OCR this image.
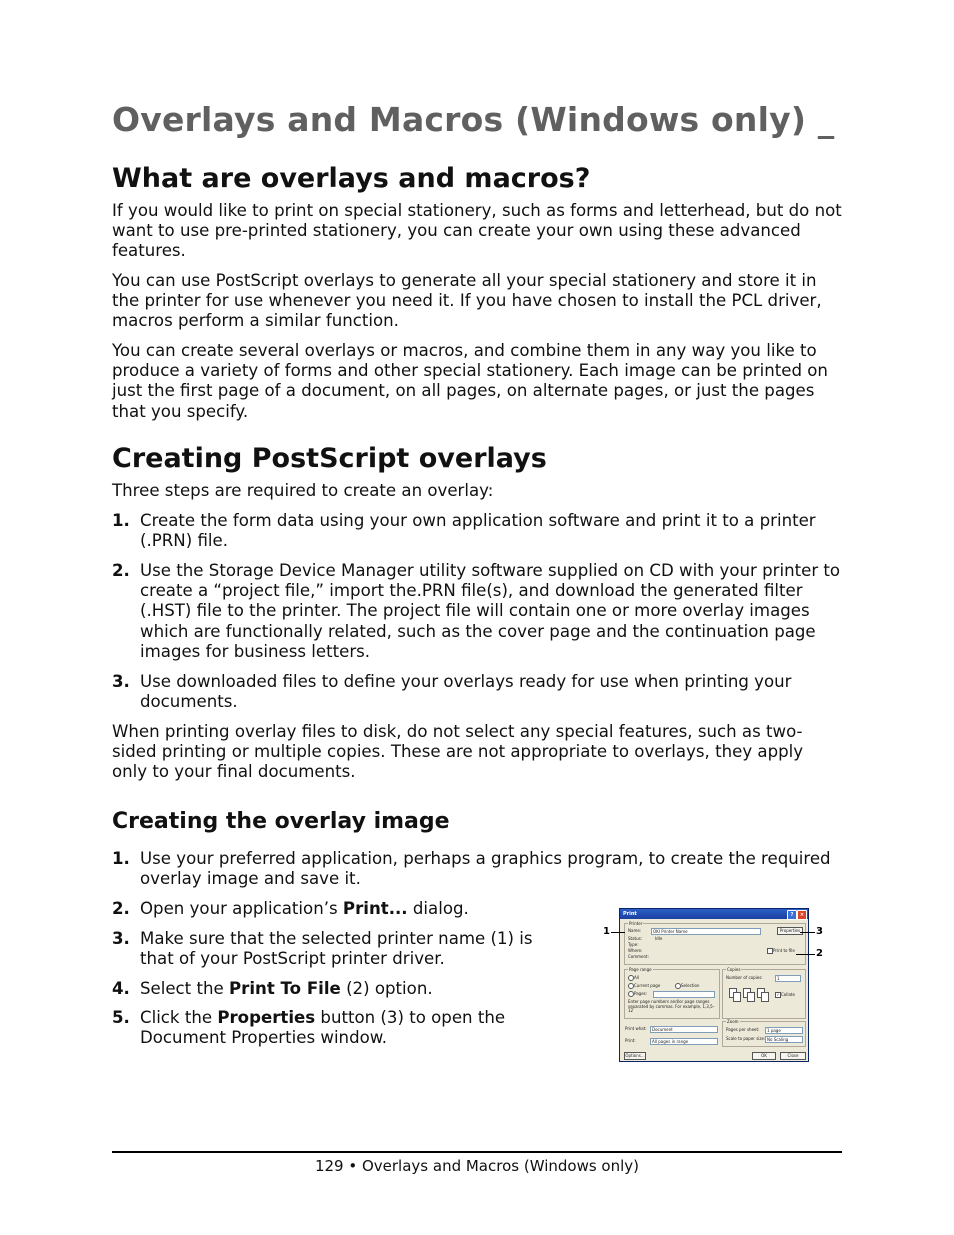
Overlays and Macros (Windows only) _
What are overlays and macros?

If you would like to print on special stationery, such as forms and letterhead, but do not want to use pre-printed stationery, you can create your own using these advanced features.

You can use PostScript overlays to generate all your special stationery and store it in the printer for use whenever you need it. If you have chosen to install the PCL driver, macros perform a similar function.

You can create several overlays or macros, and combine them in any way you like to produce a variety of forms and other special stationery. Each image can be printed on just the first page of a document, on all pages, on alternate pages, or just the pages that you specify.

Creating PostScript overlays

Three steps are required to create an overlay:

1. Create the form data using your own application software and print it to a printer (.PRN) file.
2. Use the Storage Device Manager utility software supplied on CD with your printer to create a “project file,” import the.PRN file(s), and download the generated filter (.HST) file to the printer. The project file will contain one or more overlay images which are functionally related, such as the cover page and the continuation page images for business letters.
3. Use downloaded files to define your overlays ready for use when printing your documents.

When printing overlay files to disk, do not select any special features, such as two-sided printing or multiple copies. These are not appropriate to overlays, they apply only to your final documents.

Creating the overlay image
1. Use your preferred application, perhaps a graphics program, to create the required overlay image and save it.
2. Open your application’s Print... dialog.
3. Make sure that the selected printer name (1) is that of your PostScript printer driver.
4. Select the Print To File (2) option.
5. Click the Properties button (3) to open the Document Properties window.
Print	?	×
Printer
Name:	OKI Printer Name	Properties
Status:	Idle
Type:
Where:
Comment:
Print to file
Page range
All
Current page	Selection
Pages:
Enter page numbers and/or page ranges separated by commas. For example, 1,3,5–12
Copies
Number of copies:	1
✓ Collate
Zoom
Pages per sheet: 1 page
Scale to paper size: No Scaling
Print what: Document
Print:	All pages in range
Options...	OK	Close
1	3
2
129 • Overlays and Macros (Windows only)
